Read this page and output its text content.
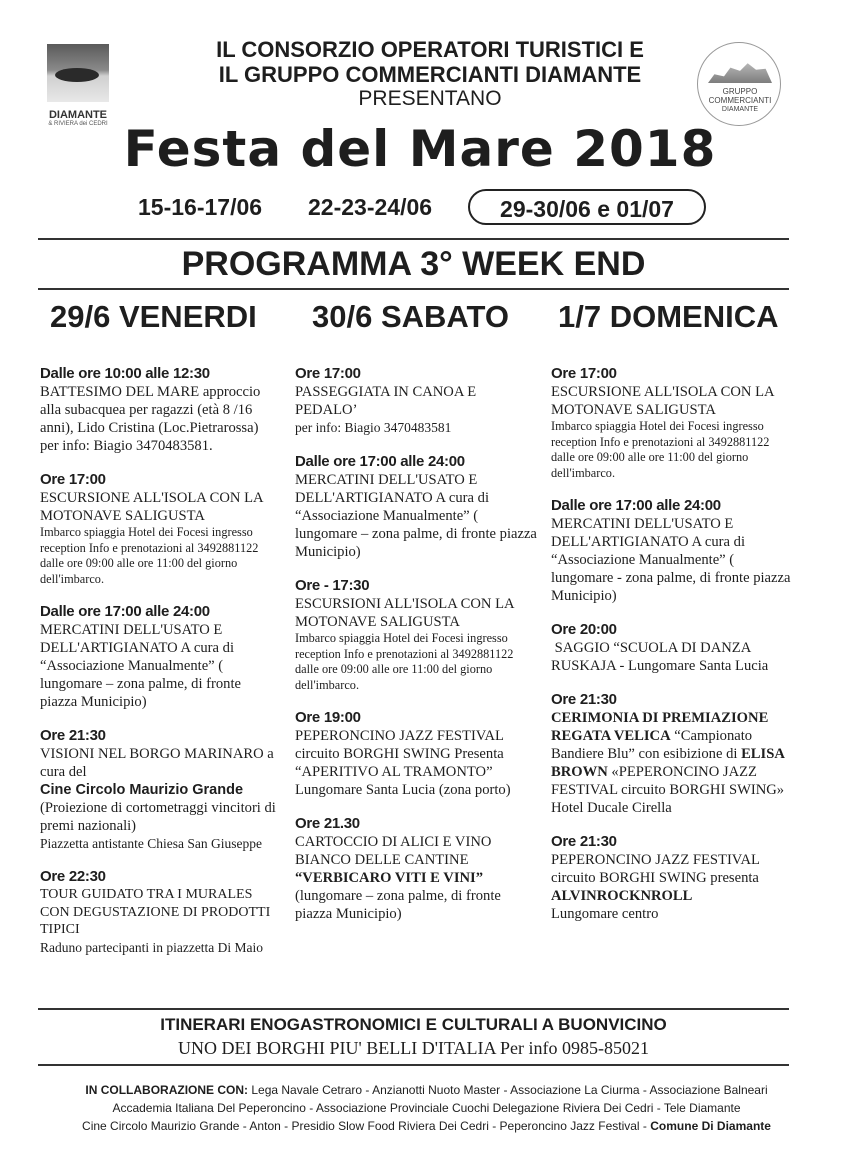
DIAMANTE
& RIVIERA dei CEDRI
GRUPPO
COMMERCIANTI
DIAMANTE
IL CONSORZIO OPERATORI TURISTICI E
IL GRUPPO COMMERCIANTI DIAMANTE
PRESENTANO
Festa del Mare 2018
15-16-17/06 22-23-24/06	29-30/06 e 01/07
PROGRAMMA 3° WEEK END
29/6 VENERDI 30/6 SABATO 1/7 DOMENICA
Dalle ore 10:00 alle 12:30
BATTESIMO DEL MARE approccio alla subacquea per ragazzi (età 8 /16 anni), Lido Cristina (Loc.Pietrarossa) per info: Biagio 3470483581.
Ore 17:00
ESCURSIONE ALL'ISOLA CON LA MOTONAVE SALIGUSTA
Imbarco spiaggia Hotel dei Focesi ingresso reception Info e prenotazioni al 3492881122 dalle ore 09:00 alle ore 11:00 del giorno dell'imbarco.
Dalle ore 17:00 alle 24:00
MERCATINI DELL'USATO E DELL'ARTIGIANATO A cura di “Associazione Manualmente” ( lungomare – zona palme, di fronte piazza Municipio)
Ore 21:30
VISIONI NEL BORGO MARINARO a cura del
Cine Circolo Maurizio Grande
(Proiezione di cortometraggi vincitori di premi nazionali)
Piazzetta antistante Chiesa San Giuseppe
Ore 22:30
TOUR GUIDATO TRA I MURALES CON DEGUSTAZIONE DI PRODOTTI TIPICI
Raduno partecipanti in piazzetta Di Maio
Ore 17:00
PASSEGGIATA IN CANOA E PEDALO’
per info: Biagio 3470483581
Dalle ore 17:00 alle 24:00
MERCATINI DELL'USATO E DELL'ARTIGIANATO A cura di “Associazione Manualmente” ( lungomare – zona palme, di fronte piazza Municipio)
Ore - 17:30
ESCURSIONI ALL'ISOLA CON LA MOTONAVE SALIGUSTA
Imbarco spiaggia Hotel dei Focesi ingresso reception Info e prenotazioni al 3492881122 dalle ore 09:00 alle ore 11:00 del giorno dell'imbarco.
Ore 19:00
PEPERONCINO JAZZ FESTIVAL circuito BORGHI SWING Presenta “APERITIVO AL TRAMONTO” Lungomare Santa Lucia (zona porto)
Ore 21.30
CARTOCCIO DI ALICI E VINO BIANCO DELLE CANTINE
“VERBICARO VITI E VINI”
(lungomare – zona palme, di fronte piazza Municipio)
Ore 17:00
ESCURSIONE ALL'ISOLA CON LA MOTONAVE SALIGUSTA
Imbarco spiaggia Hotel dei Focesi ingresso reception Info e prenotazioni al 3492881122 dalle ore 09:00 alle ore 11:00 del giorno dell'imbarco.
Dalle ore 17:00 alle 24:00
MERCATINI DELL'USATO E DELL'ARTIGIANATO A cura di “Associazione Manualmente” ( lungomare - zona palme, di fronte piazza Municipio)
Ore 20:00
SAGGIO “SCUOLA DI DANZA RUSKAJA - Lungomare Santa Lucia
Ore 21:30
CERIMONIA DI PREMIAZIONE REGATA VELICA “Campionato Bandiere Blu” con esibizione di ELISA BROWN «PEPERONCINO JAZZ FESTIVAL circuito BORGHI SWING» Hotel Ducale Cirella
Ore 21:30
PEPERONCINO JAZZ FESTIVAL circuito BORGHI SWING presenta
ALVINROCKNROLL
Lungomare centro
ITINERARI ENOGASTRONOMICI E CULTURALI A BUONVICINO
UNO DEI BORGHI PIU' BELLI D'ITALIA Per info 0985-85021
IN COLLABORAZIONE CON: Lega Navale Cetraro - Anzianotti Nuoto Master - Associazione La Ciurma - Associazione Balneari
Accademia Italiana Del Peperoncino - Associazione Provinciale Cuochi Delegazione Riviera Dei Cedri - Tele Diamante
Cine Circolo Maurizio Grande - Anton - Presidio Slow Food Riviera Dei Cedri - Peperoncino Jazz Festival - Comune Di Diamante
